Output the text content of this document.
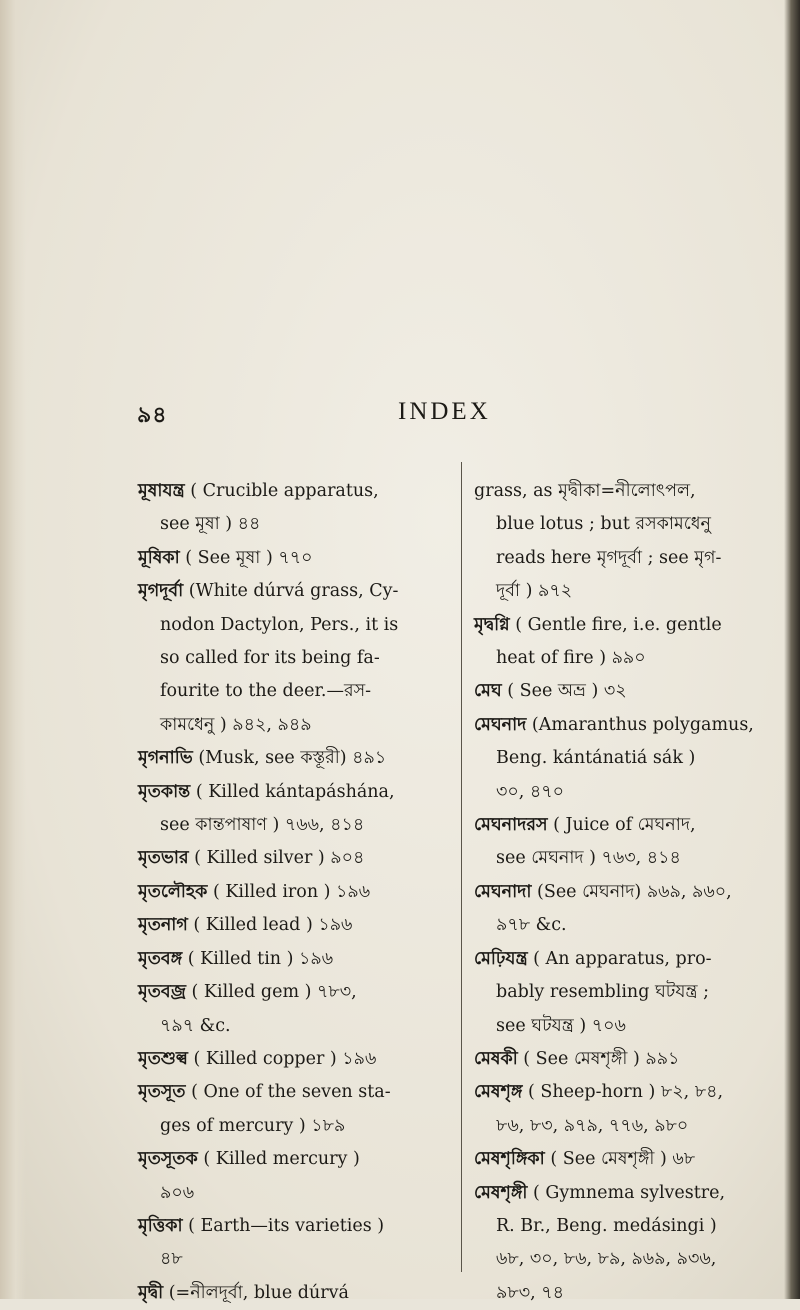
৯৪	INDEX
মূষাযন্ত্র ( Crucible apparatus,
see মূষা ) ৪৪
মূষিকা ( See মূষা ) ৭৭০
মৃগদূর্বা (White dúrvá grass, Cy-
nodon Dactylon, Pers., it is
so called for its being fa-
fourite to the deer.—রস-
কামধেনু ) ৯৪২, ৯৪৯
মৃগনাভি (Musk, see কস্তূরী) ৪৯১
মৃতকান্ত ( Killed kántapáshána,
see কান্তপাষাণ ) ৭৬৬, ৪১৪
মৃতভার ( Killed silver ) ৯০৪
মৃতলৌহক ( Killed iron ) ১৯৬
মৃতনাগ ( Killed lead ) ১৯৬
মৃতবঙ্গ ( Killed tin ) ১৯৬
মৃতবজ্র ( Killed gem ) ৭৮৩,
৭৯৭ &c.
মৃতশুল্ব ( Killed copper ) ১৯৬
মৃতসূত ( One of the seven sta-
ges of mercury ) ১৮৯
মৃতসূতক ( Killed mercury )
৯০৬
মৃত্তিকা ( Earth—its varieties )
৪৮
মৃদ্বী (=নীলদূর্বা, blue dúrvá
grass, as মৃদ্বীকা=নীলোৎপল,
blue lotus ; but রসকামধেনু
reads here মৃগদূর্বা ; see মৃগ-
দূর্বা ) ৯৭২
মৃদ্বগ্নি ( Gentle fire, i.e. gentle
heat of fire ) ৯৯০
মেঘ ( See অভ্র ) ৩২
মেঘনাদ (Amaranthus polygamus,
Beng. kántánatiá sák )
৩০, ৪৭০
মেঘনাদরস ( Juice of মেঘনাদ,
see মেঘনাদ ) ৭৬৩, ৪১৪
মেঘনাদা (See মেঘনাদ) ৯৬৯, ৯৬০,
৯৭৮ &c.
মেঢ়িযন্ত্র ( An apparatus, pro-
bably resembling ঘটযন্ত্র ;
see ঘটযন্ত্র ) ৭০৬
মেষকী ( See মেষশৃঙ্গী ) ৯৯১
মেষশৃঙ্গ ( Sheep-horn ) ৮২, ৮৪,
৮৬, ৮৩, ৯৭৯, ৭৭৬, ৯৮০
মেষশৃঙ্গিকা ( See মেষশৃঙ্গী ) ৬৮
মেষশৃঙ্গী ( Gymnema sylvestre,
R. Br., Beng. medásingi )
৬৮, ৩০, ৮৬, ৮৯, ৯৬৯, ৯৩৬,
৯৮৩, ৭৪
